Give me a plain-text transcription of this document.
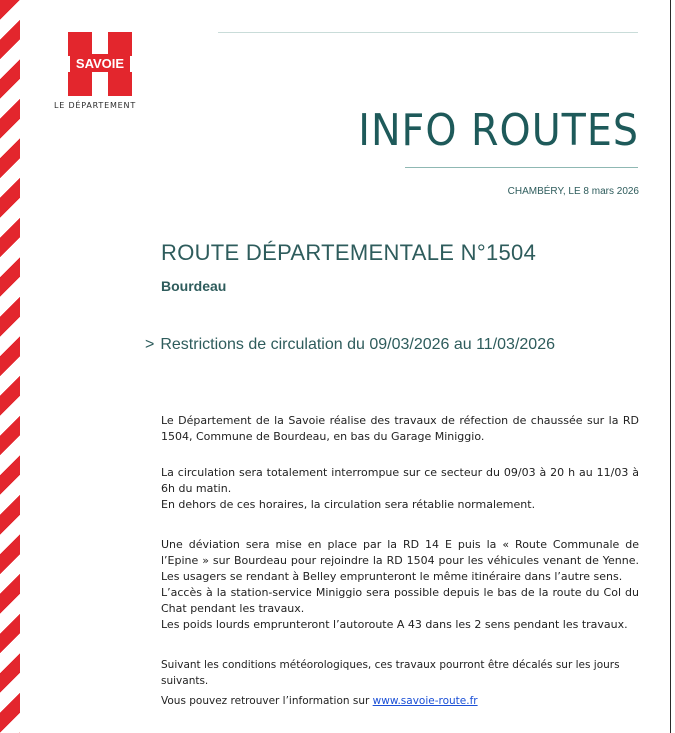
SAVOIE
LE DÉPARTEMENT	INFO ROUTES
CHAMBÉRY, LE 8 mars 2026
ROUTE DÉPARTEMENTALE N°1504
Bourdeau
> Restrictions de circulation du 09/03/2026 au 11/03/2026
Le Département de la Savoie réalise des travaux de réfection de chaussée sur la RD 1504, Commune de Bourdeau, en bas du Garage Miniggio.
La circulation sera totalement interrompue sur ce secteur du 09/03 à 20 h au 11/03 à 6h du matin.
En dehors de ces horaires, la circulation sera rétablie normalement.
Une déviation sera mise en place par la RD 14 E puis la « Route Communale de l’Epine » sur Bourdeau pour rejoindre la RD 1504 pour les véhicules venant de Yenne. Les usagers se rendant à Belley emprunteront le même itinéraire dans l’autre sens.
L’accès à la station-service Miniggio sera possible depuis le bas de la route du Col du Chat pendant les travaux.
Les poids lourds emprunteront l’autoroute A 43 dans les 2 sens pendant les travaux.
Suivant les conditions météorologiques, ces travaux pourront être décalés sur les jours suivants.
Vous pouvez retrouver l’information sur www.savoie-route.fr
